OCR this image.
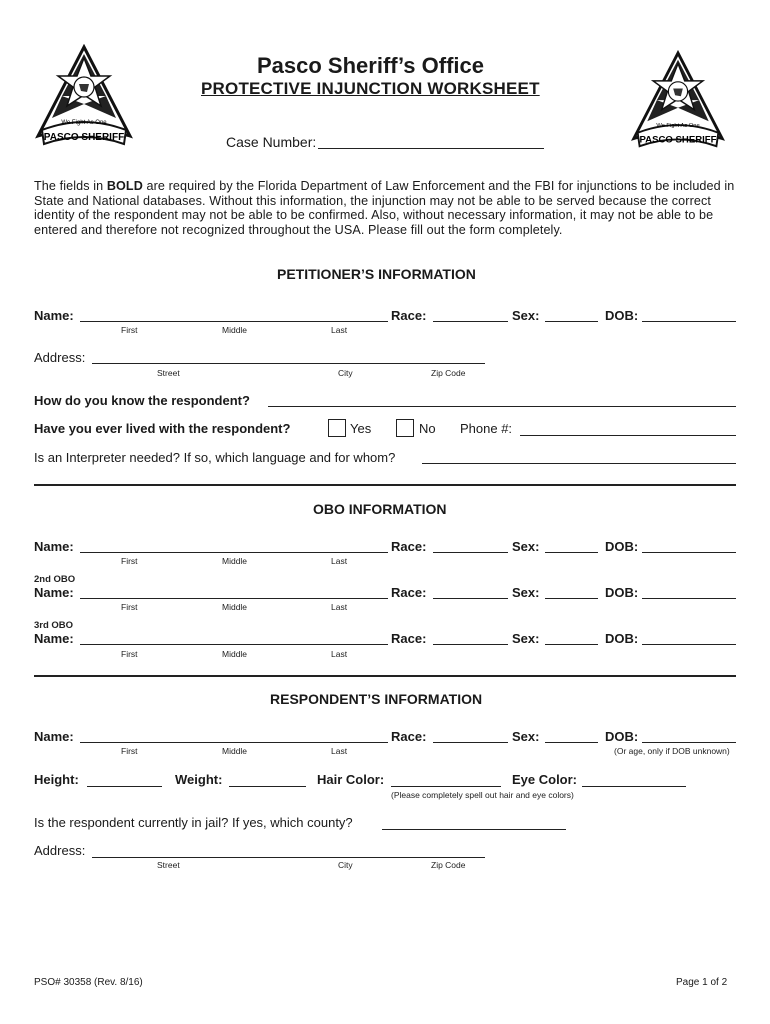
We Fight As One
PASCO SHERIFF
We Fight As One
PASCO SHERIFF
Pasco Sheriff’s Office
PROTECTIVE INJUNCTION WORKSHEET
Case Number:
The fields in BOLD are required by the Florida Department of Law Enforcement and the FBI for injunctions to be included in State and National databases. Without this information, the injunction may not be able to be served because the correct identity of the respondent may not be able to be confirmed. Also, without necessary information, it may not be able to be entered and therefore not recognized throughout the USA. Please fill out the form completely.
PETITIONER’S INFORMATION
Name:	Race:	Sex:	DOB:
First	Middle	Last
Address:
Street	City	Zip Code
How do you know the respondent?
Have you ever lived with the respondent?	Yes	No Phone #:
Is an Interpreter needed? If so, which language and for whom?
OBO INFORMATION
Name:	Race:	Sex:	DOB:
First	Middle	Last
2nd OBO
Name:	Race:	Sex:	DOB:
First	Middle	Last
3rd OBO
Name:	Race:	Sex:	DOB:
First	Middle	Last
RESPONDENT’S INFORMATION
Name:	Race:	Sex:	DOB:
First	Middle	Last	(Or age, only if DOB unknown)
Height:	Weight:	Hair Color:	Eye Color:
(Please completely spell out hair and eye colors)
Is the respondent currently in jail? If yes, which county?
Address:
Street	City	Zip Code
PSO# 30358 (Rev. 8/16)	Page 1 of 2
